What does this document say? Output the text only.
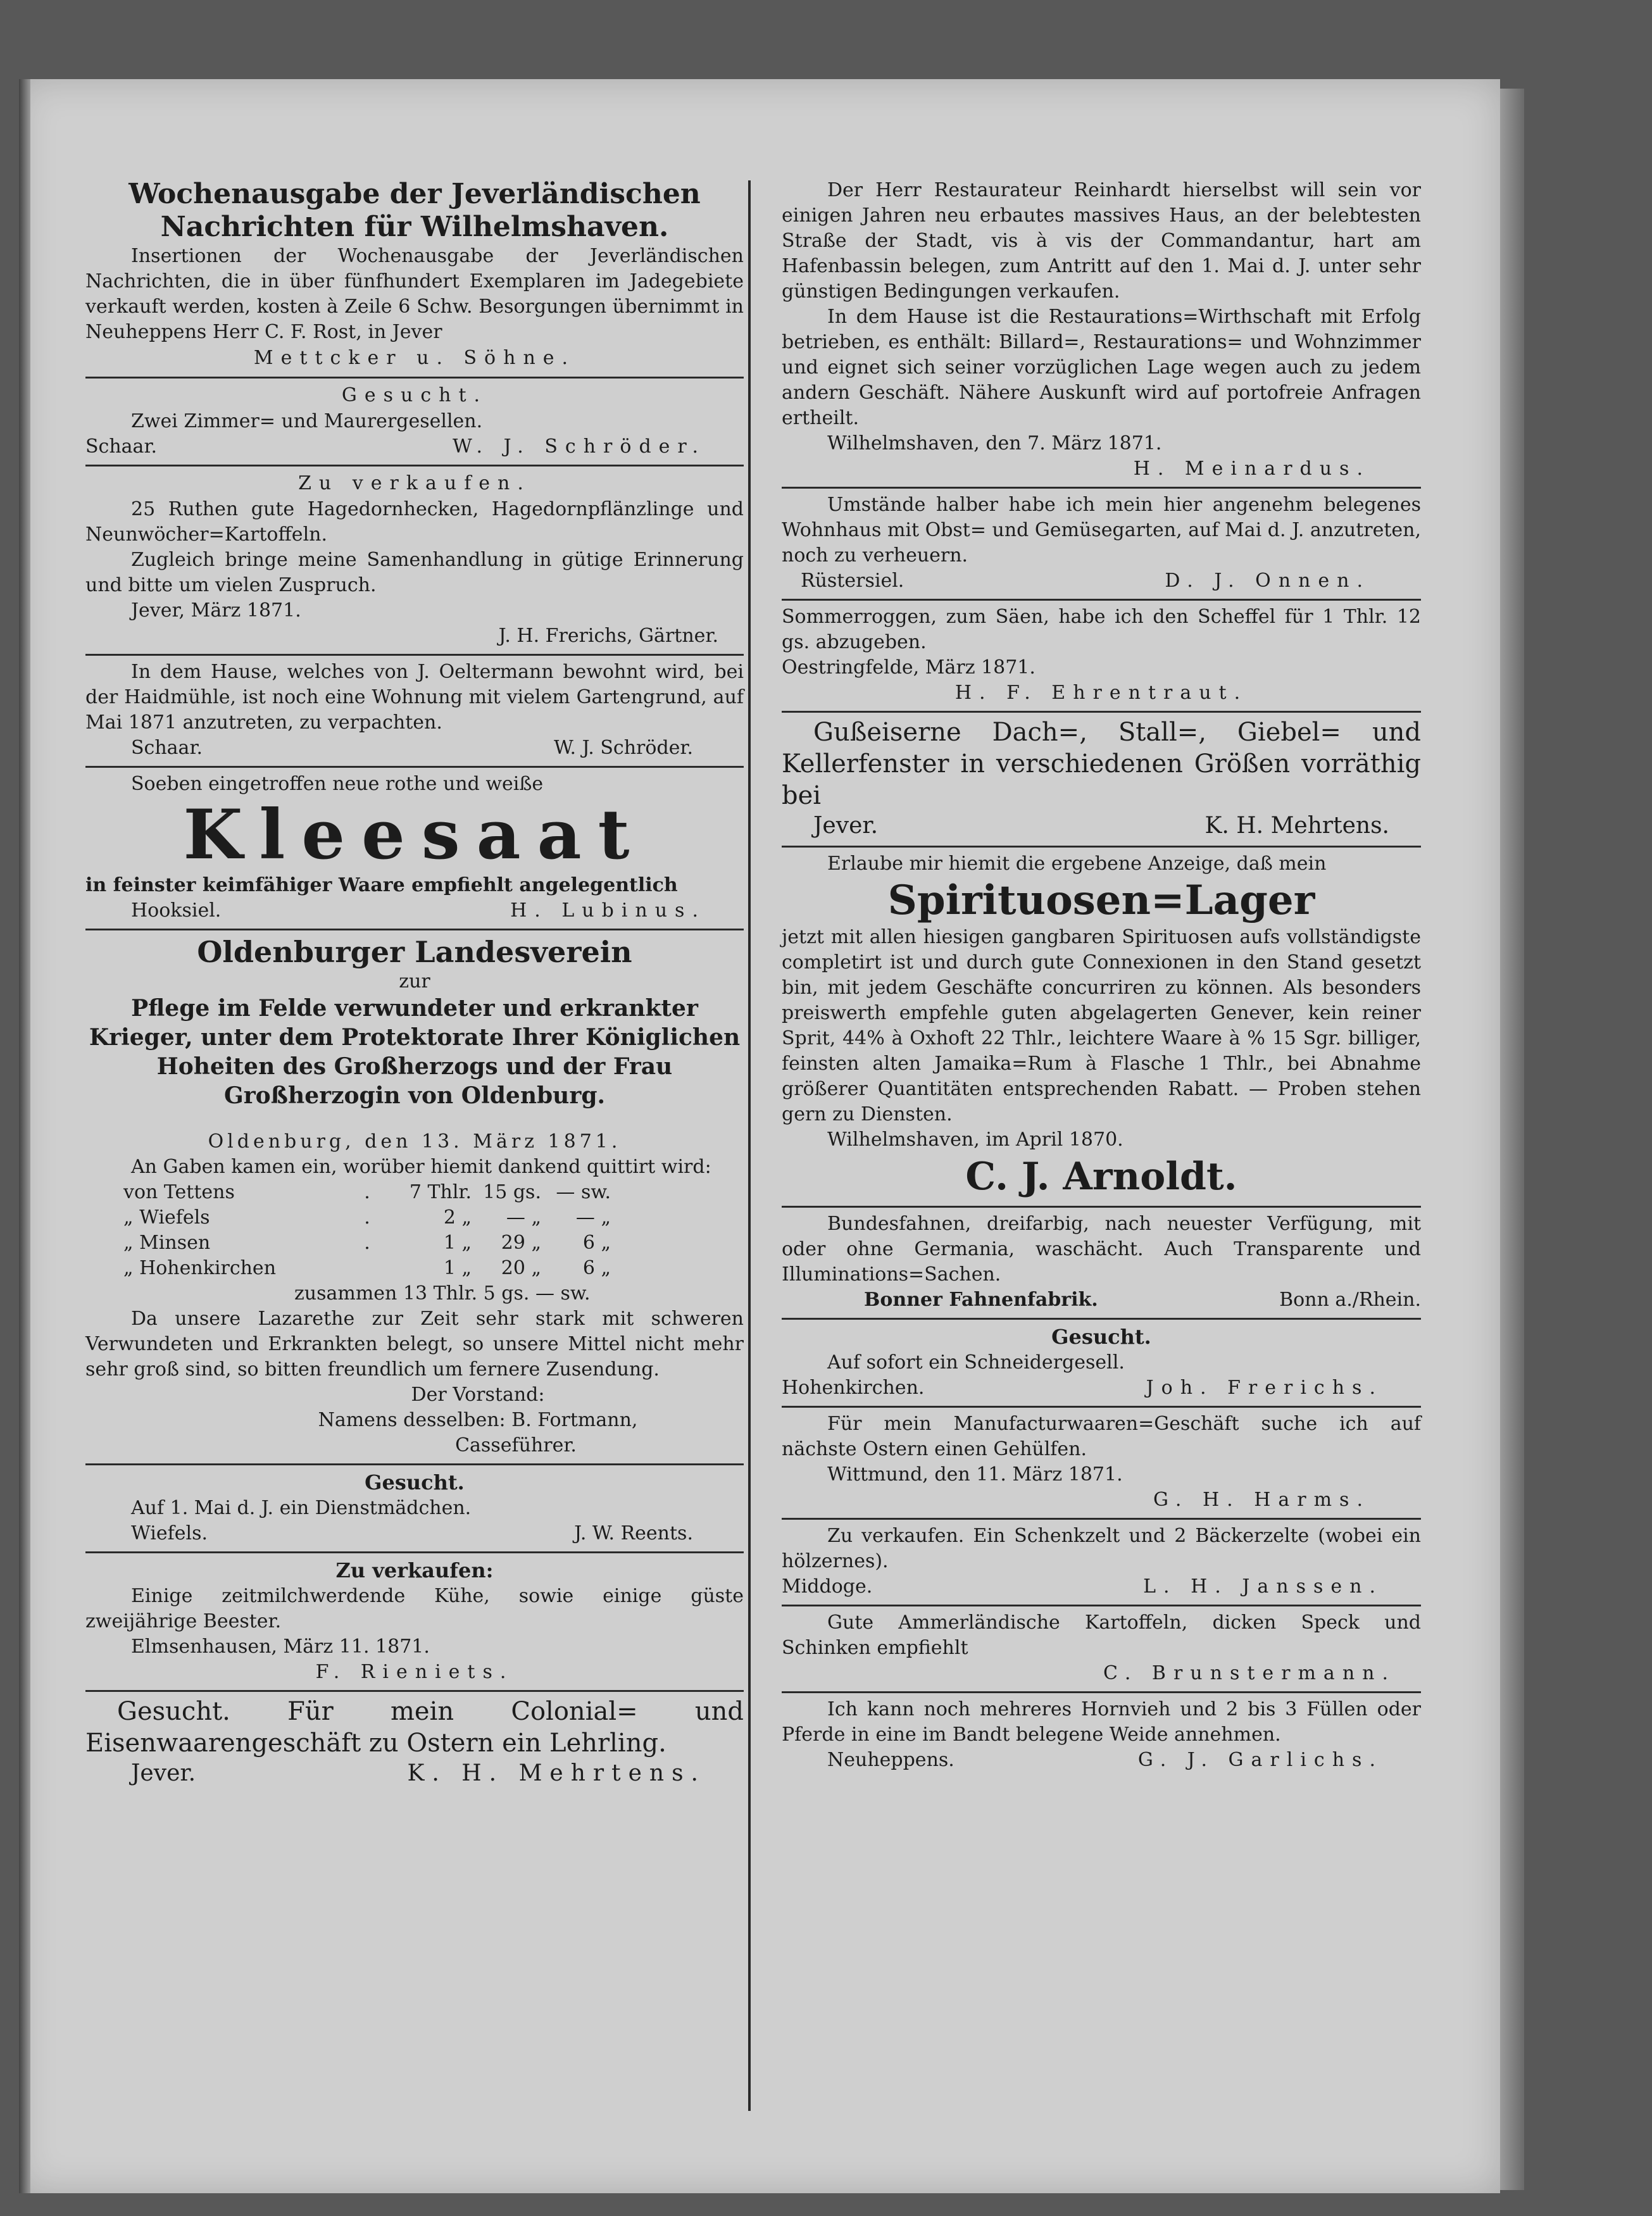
Wochenausgabe der Jeverländischen
Nachrichten für Wilhelmshaven.

Insertionen der Wochenausgabe der Jeverländischen Nachrichten, die in über fünfhundert Exemplaren im Jadegebiete verkauft werden, kosten à Zeile 6 Schw. Besorgungen übernimmt in Neuheppens Herr C. F. Rost, in Jever

Mettcker u. Söhne.
Gesucht.

Zwei Zimmer= und Maurergesellen.

Schaar.	W. J. Schröder.
Zu verkaufen.

25 Ruthen gute Hagedornhecken, Hagedornpflänzlinge und Neunwöcher=Kartoffeln.

Zugleich bringe meine Samenhandlung in gütige Erinnerung und bitte um vielen Zuspruch.

Jever, März 1871.

J. H. Frerichs, Gärtner.

In dem Hause, welches von J. Oeltermann bewohnt wird, bei der Haidmühle, ist noch eine Wohnung mit vielem Gartengrund, auf Mai 1871 anzutreten, zu verpachten.

Schaar.	W. J. Schröder.

Soeben eingetroffen neue rothe und weiße

Kleesaat

in feinster keimfähiger Waare empfiehlt angelegentlich

Hooksiel.	H. Lubinus.
Oldenburger Landesverein
zur
Pflege im Felde verwundeter und erkrankter Krieger, unter dem Protektorate Ihrer Königlichen Hoheiten des Großherzogs und der Frau Großherzogin von Oldenburg.
Oldenburg, den 13. März 1871.

An Gaben kamen ein, worüber hiemit dankend quittirt wird:

von Tettens	.	7 Thlr. 15 gs. — sw.
„ Wiefels	.	2 „	— „	— „
„ Minsen	.	1 „	29 „	6 „
„ Hohenkirchen	1 „	20 „	6 „
zusammen 13 Thlr. 5 gs. — sw.

Da unsere Lazarethe zur Zeit sehr stark mit schweren Verwundeten und Erkrankten belegt, so unsere Mittel nicht mehr sehr groß sind, so bitten freundlich um fernere Zusendung.

Der Vorstand:
Namens desselben: B. Fortmann,
Casseführer.
Gesucht.

Auf 1. Mai d. J. ein Dienstmädchen.

Wiefels.	J. W. Reents.
Zu verkaufen:

Einige zeitmilchwerdende Kühe, sowie einige güste zweijährige Beester.

Elmsenhausen, März 11. 1871.

F. Rieniets.

Gesucht. Für mein Colonial= und Eisenwaarengeschäft zu Ostern ein Lehrling.

Jever.	K. H. Mehrtens.

Der Herr Restaurateur Reinhardt hierselbst will sein vor einigen Jahren neu erbautes massives Haus, an der belebtesten Straße der Stadt, vis à vis der Commandantur, hart am Hafenbassin belegen, zum Antritt auf den 1. Mai d. J. unter sehr günstigen Bedingungen verkaufen.

In dem Hause ist die Restaurations=Wirthschaft mit Erfolg betrieben, es enthält: Billard=, Restaurations= und Wohnzimmer und eignet sich seiner vorzüglichen Lage wegen auch zu jedem andern Geschäft. Nähere Auskunft wird auf portofreie Anfragen ertheilt.

Wilhelmshaven, den 7. März 1871.

H. Meinardus.

Umstände halber habe ich mein hier angenehm belegenes Wohnhaus mit Obst= und Gemüsegarten, auf Mai d. J. anzutreten, noch zu verheuern.

Rüstersiel.	D. J. Onnen.

Sommerroggen, zum Säen, habe ich den Scheffel für 1 Thlr. 12 gs. abzugeben.

Oestringfelde, März 1871.

H. F. Ehrentraut.

Gußeiserne Dach=, Stall=, Giebel= und Kellerfenster in verschiedenen Größen vorräthig bei

Jever.	K. H. Mehrtens.

Erlaube mir hiemit die ergebene Anzeige, daß mein

Spirituosen=Lager

jetzt mit allen hiesigen gangbaren Spirituosen aufs vollständigste completirt ist und durch gute Connexionen in den Stand gesetzt bin, mit jedem Geschäfte concurriren zu können. Als besonders preiswerth empfehle guten abgelagerten Genever, kein reiner Sprit, 44% à Oxhoft 22 Thlr., leichtere Waare à % 15 Sgr. billiger, feinsten alten Jamaika=Rum à Flasche 1 Thlr., bei Abnahme größerer Quantitäten entsprechenden Rabatt. — Proben stehen gern zu Diensten.

Wilhelmshaven, im April 1870.

C. J. Arnoldt.

Bundesfahnen, dreifarbig, nach neuester Verfügung, mit oder ohne Germania, waschächt. Auch Transparente und Illuminations=Sachen.

Bonner Fahnenfabrik.	Bonn a./Rhein.
Gesucht.

Auf sofort ein Schneidergesell.

Hohenkirchen.	Joh. Frerichs.

Für mein Manufacturwaaren=Geschäft suche ich auf nächste Ostern einen Gehülfen.

Wittmund, den 11. März 1871.

G. H. Harms.

Zu verkaufen. Ein Schenkzelt und 2 Bäckerzelte (wobei ein hölzernes).

Middoge.	L. H. Janssen.

Gute Ammerländische Kartoffeln, dicken Speck und Schinken empfiehlt

C. Brunstermann.

Ich kann noch mehreres Hornvieh und 2 bis 3 Füllen oder Pferde in eine im Bandt belegene Weide annehmen.

Neuheppens.	G. J. Garlichs.
